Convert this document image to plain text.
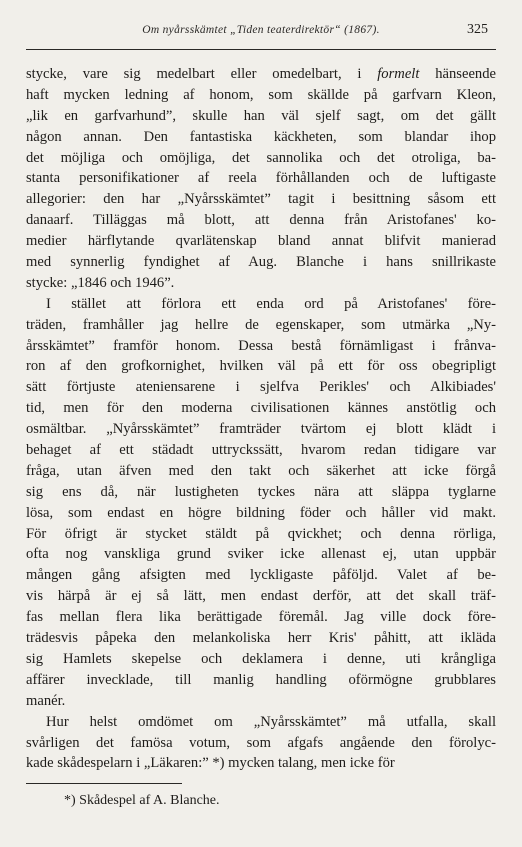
Om nyårsskämtet „Tiden teaterdirektör“ (1867).	325
stycke, vare sig medelbart eller omedelbart, i formelt hänseende
haft mycken ledning af honom, som skällde på garfvarn Kleon,
„lik en garfvarhund”, skulle han väl sjelf sagt, om det gällt
någon annan. Den fantastiska käckheten, som blandar ihop
det möjliga och omöjliga, det sannolika och det otroliga, ba-
stanta personifikationer af reela förhållanden och de luftigaste
allegorier: den har „Nyårsskämtet” tagit i besittning såsom ett
danaarf. Tilläggas må blott, att denna från Aristofanes' ko-
medier härflytande qvarlätenskap bland annat blifvit manierad
med synnerlig fyndighet af Aug. Blanche i hans snillrikaste
stycke: „1846 och 1946”.
I stället att förlora ett enda ord på Aristofanes' före-
träden, framhåller jag hellre de egenskaper, som utmärka „Ny-
årsskämtet” framför honom. Dessa bestå förnämligast i frånva-
ron af den grofkornighet, hvilken väl på ett för oss obegripligt
sätt förtjuste ateniensarene i sjelfva Perikles' och Alkibiades'
tid, men för den moderna civilisationen kännes anstötlig och
osmältbar. „Nyårsskämtet” framträder tvärtom ej blott klädt i
behaget af ett städadt uttryckssätt, hvarom redan tidigare var
fråga, utan äfven med den takt och säkerhet att icke förgå
sig ens då, när lustigheten tyckes nära att släppa tyglarne
lösa, som endast en högre bildning föder och håller vid makt.
För öfrigt är stycket stäldt på qvickhet; och denna rörliga,
ofta nog vanskliga grund sviker icke allenast ej, utan uppbär
mången gång afsigten med lyckligaste påföljd. Valet af be-
vis härpå är ej så lätt, men endast derför, att det skall träf-
fas mellan flera lika berättigade föremål. Jag ville dock före-
trädesvis påpeka den melankoliska herr Kris' påhitt, att ikläda
sig Hamlets skepelse och deklamera i denne, uti krångliga
affärer invecklade, till manlig handling oförmögne grubblares
manér.
Hur helst omdömet om „Nyårsskämtet” må utfalla, skall
svårligen det famösa votum, som afgafs angående den förolyc-
kade skådespelarn i „Läkaren:” *) mycken talang, men icke för
*) Skådespel af A. Blanche.
